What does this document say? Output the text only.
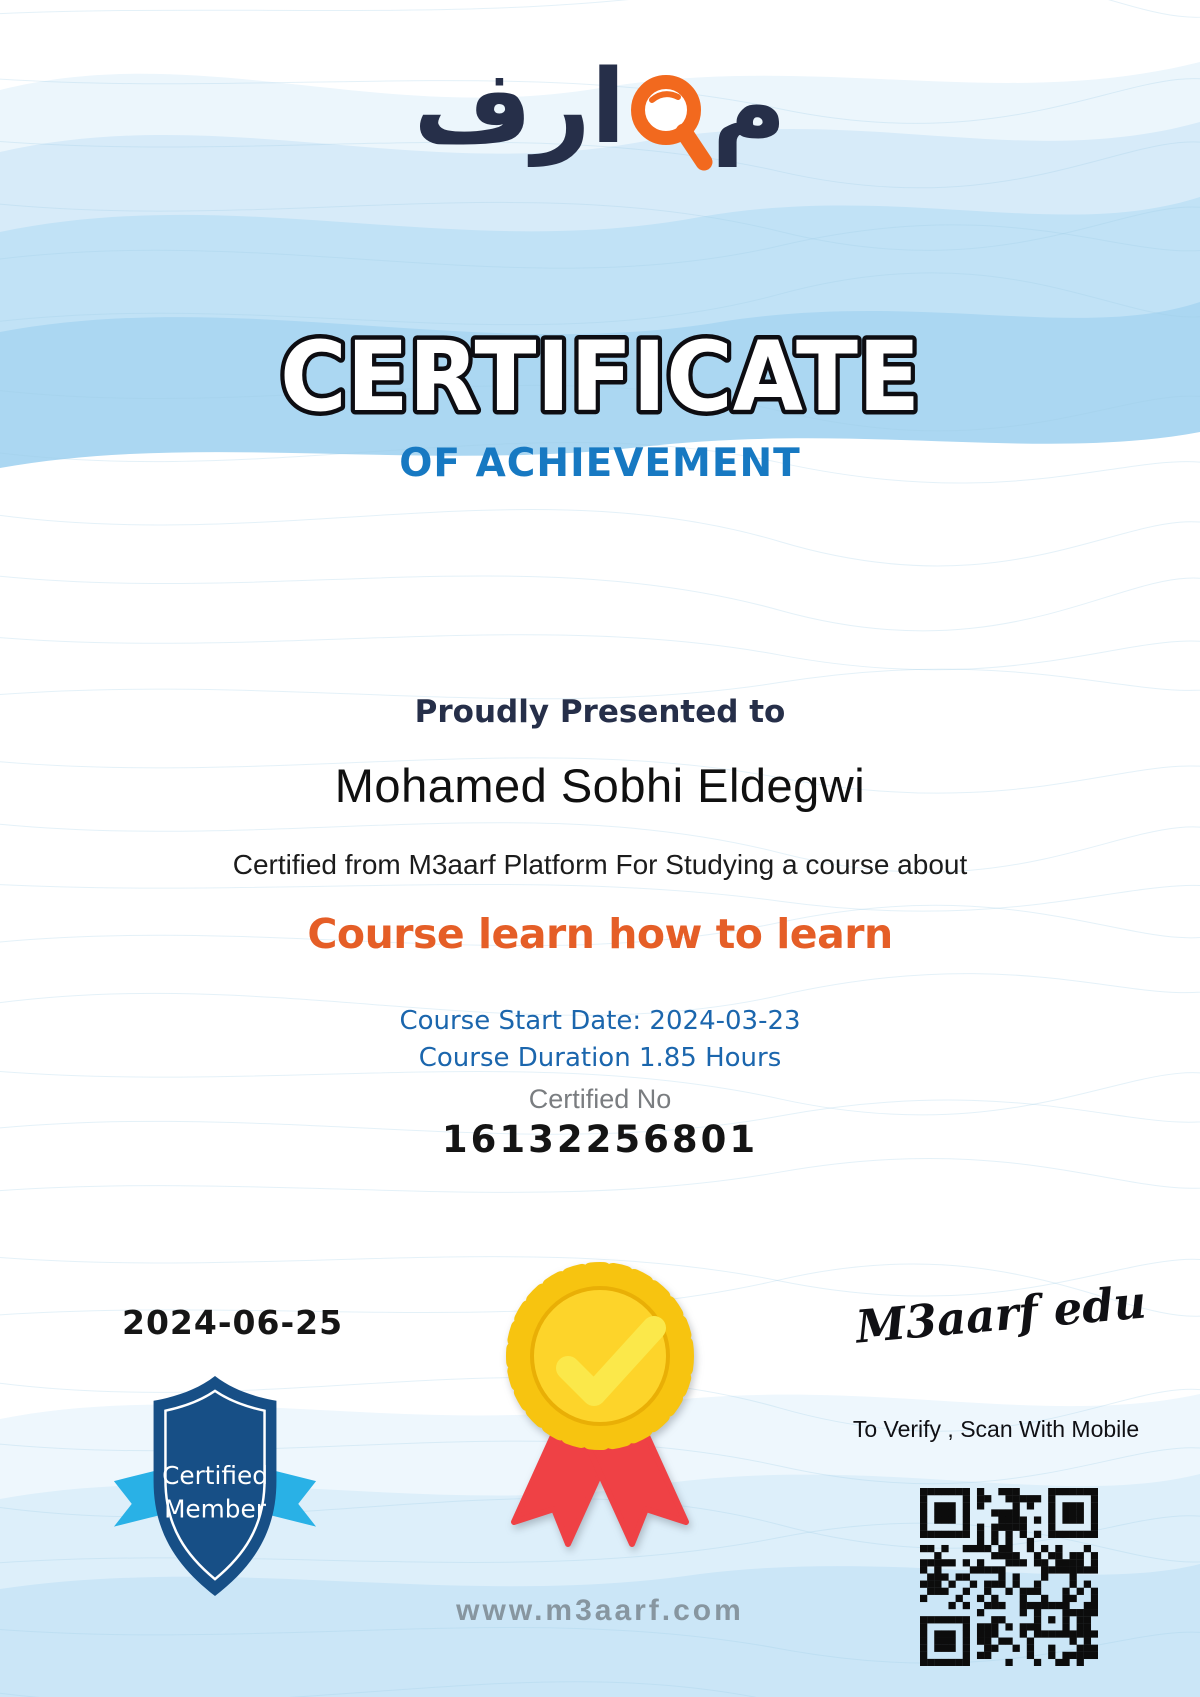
ارف م
CERTIFICATE
OF ACHIEVEMENT
Proudly Presented to
Mohamed Sobhi Eldegwi
Certified from M3aarf Platform For Studying a course about
Course learn how to learn
Course Start Date: 2024-03-23
Course Duration 1.85 Hours
Certified No
16132256801
2024-06-25
Certified
Member
M3aarf edu
To Verify , Scan With Mobile
www.m3aarf.com
